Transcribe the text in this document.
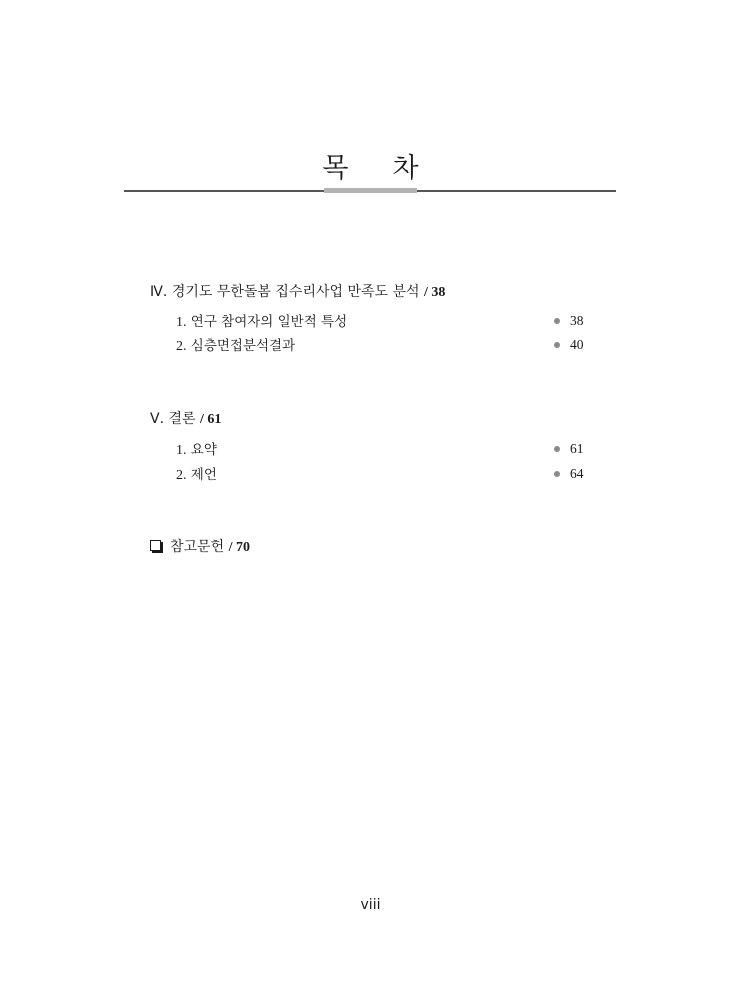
목 차
Ⅳ. 경기도 무한돌봄 집수리사업 만족도 분석 / 38
1. 연구 참여자의 일반적 특성	38
2. 심층면접분석결과	40
Ⅴ. 결론 / 61
1. 요약	61
2. 제언	64
참고문헌 / 70
viii
